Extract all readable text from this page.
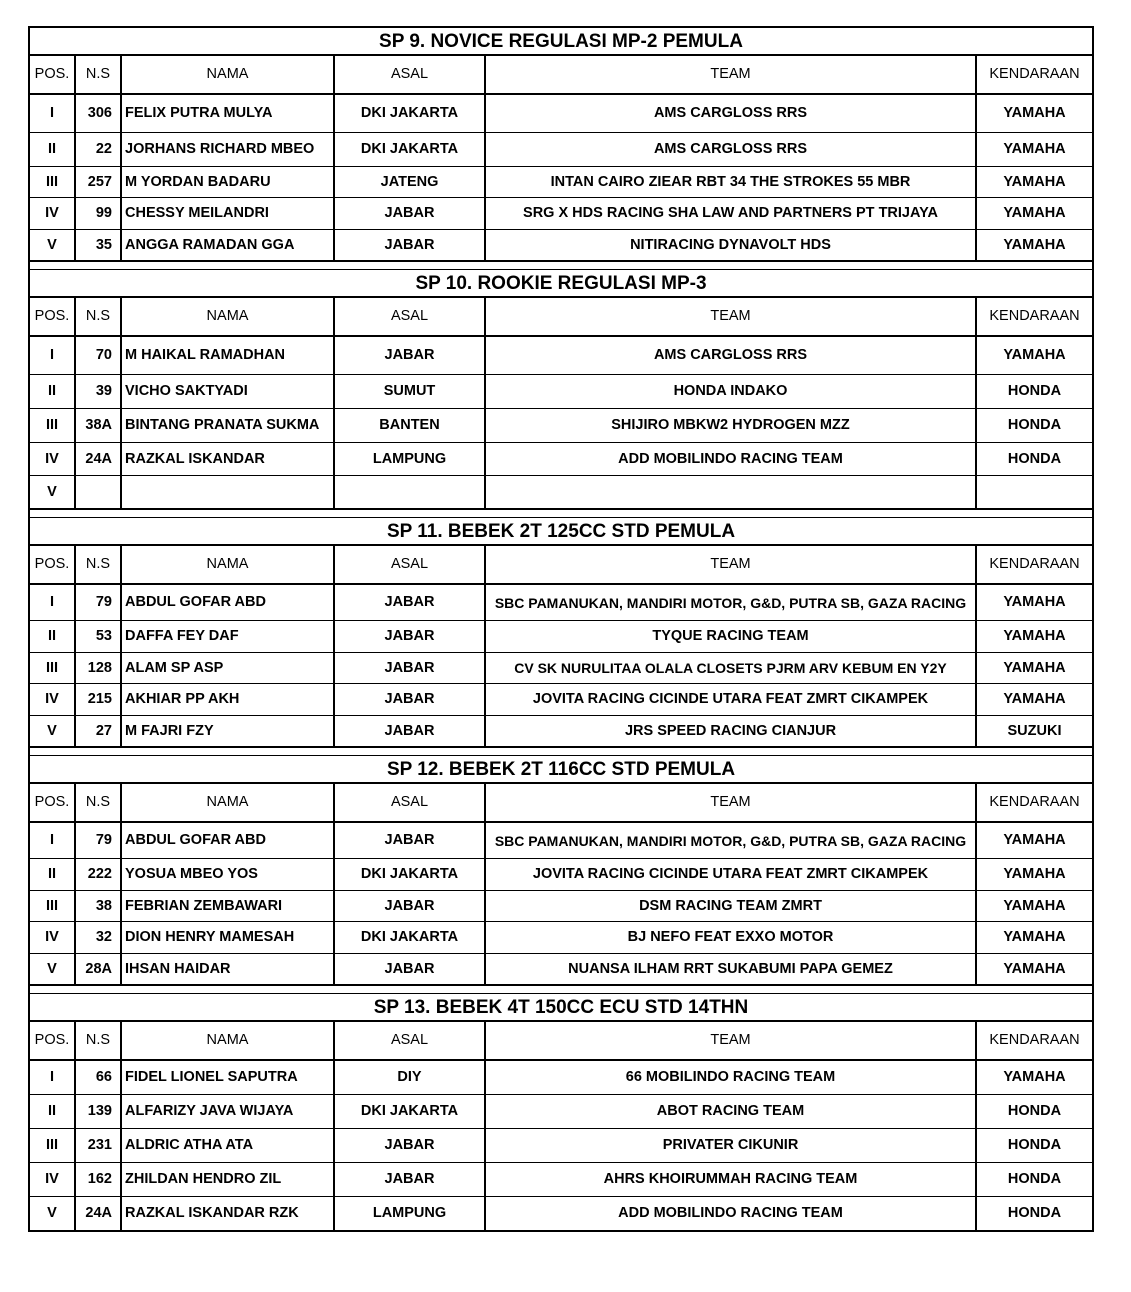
SP 9. NOVICE REGULASI MP-2 PEMULA
POS.	N.S	NAMA	ASAL	TEAM	KENDARAAN
I	306 FELIX PUTRA MULYA	DKI JAKARTA	AMS CARGLOSS RRS	YAMAHA
II	22 JORHANS RICHARD MBEO	DKI JAKARTA	AMS CARGLOSS RRS	YAMAHA
III	257 M YORDAN BADARU	JATENG	INTAN CAIRO ZIEAR RBT 34 THE STROKES 55 MBR	YAMAHA
IV	99 CHESSY MEILANDRI	JABAR	SRG X HDS RACING SHA LAW AND PARTNERS PT TRIJAYA	YAMAHA
V	35 ANGGA RAMADAN GGA	JABAR	NITIRACING DYNAVOLT HDS	YAMAHA
SP 10. ROOKIE REGULASI MP-3
POS.	N.S	NAMA	ASAL	TEAM	KENDARAAN
I	70 M HAIKAL RAMADHAN	JABAR	AMS CARGLOSS RRS	YAMAHA
II	39 VICHO SAKTYADI	SUMUT	HONDA INDAKO	HONDA
III	38A BINTANG PRANATA SUKMA	BANTEN	SHIJIRO MBKW2 HYDROGEN MZZ	HONDA
IV	24A RAZKAL ISKANDAR	LAMPUNG	ADD MOBILINDO RACING TEAM	HONDA
V
SP 11. BEBEK 2T 125CC STD PEMULA
POS.	N.S	NAMA	ASAL	TEAM	KENDARAAN
I	79 ABDUL GOFAR ABD	JABAR	SBC PAMANUKAN, MANDIRI MOTOR, G&D, PUTRA SB, GAZA RACING	YAMAHA
II	53 DAFFA FEY DAF	JABAR	TYQUE RACING TEAM	YAMAHA
III	128 ALAM SP ASP	JABAR	CV SK NURULITAA OLALA CLOSETS PJRM ARV KEBUM EN Y2Y	YAMAHA
IV	215 AKHIAR PP AKH	JABAR	JOVITA RACING CICINDE UTARA FEAT ZMRT CIKAMPEK	YAMAHA
V	27 M FAJRI FZY	JABAR	JRS SPEED RACING CIANJUR	SUZUKI
SP 12. BEBEK 2T 116CC STD PEMULA
POS.	N.S	NAMA	ASAL	TEAM	KENDARAAN
I	79 ABDUL GOFAR ABD	JABAR	SBC PAMANUKAN, MANDIRI MOTOR, G&D, PUTRA SB, GAZA RACING	YAMAHA
II	222 YOSUA MBEO YOS	DKI JAKARTA	JOVITA RACING CICINDE UTARA FEAT ZMRT CIKAMPEK	YAMAHA
III	38 FEBRIAN ZEMBAWARI	JABAR	DSM RACING TEAM ZMRT	YAMAHA
IV	32 DION HENRY MAMESAH	DKI JAKARTA	BJ NEFO FEAT EXXO MOTOR	YAMAHA
V	28A IHSAN HAIDAR	JABAR	NUANSA ILHAM RRT SUKABUMI PAPA GEMEZ	YAMAHA
SP 13. BEBEK 4T 150CC ECU STD 14THN
POS.	N.S	NAMA	ASAL	TEAM	KENDARAAN
I	66 FIDEL LIONEL SAPUTRA	DIY	66 MOBILINDO RACING TEAM	YAMAHA
II	139 ALFARIZY JAVA WIJAYA	DKI JAKARTA	ABOT RACING TEAM	HONDA
III	231 ALDRIC ATHA ATA	JABAR	PRIVATER CIKUNIR	HONDA
IV	162 ZHILDAN HENDRO ZIL	JABAR	AHRS KHOIRUMMAH RACING TEAM	HONDA
V	24A RAZKAL ISKANDAR RZK	LAMPUNG	ADD MOBILINDO RACING TEAM	HONDA
